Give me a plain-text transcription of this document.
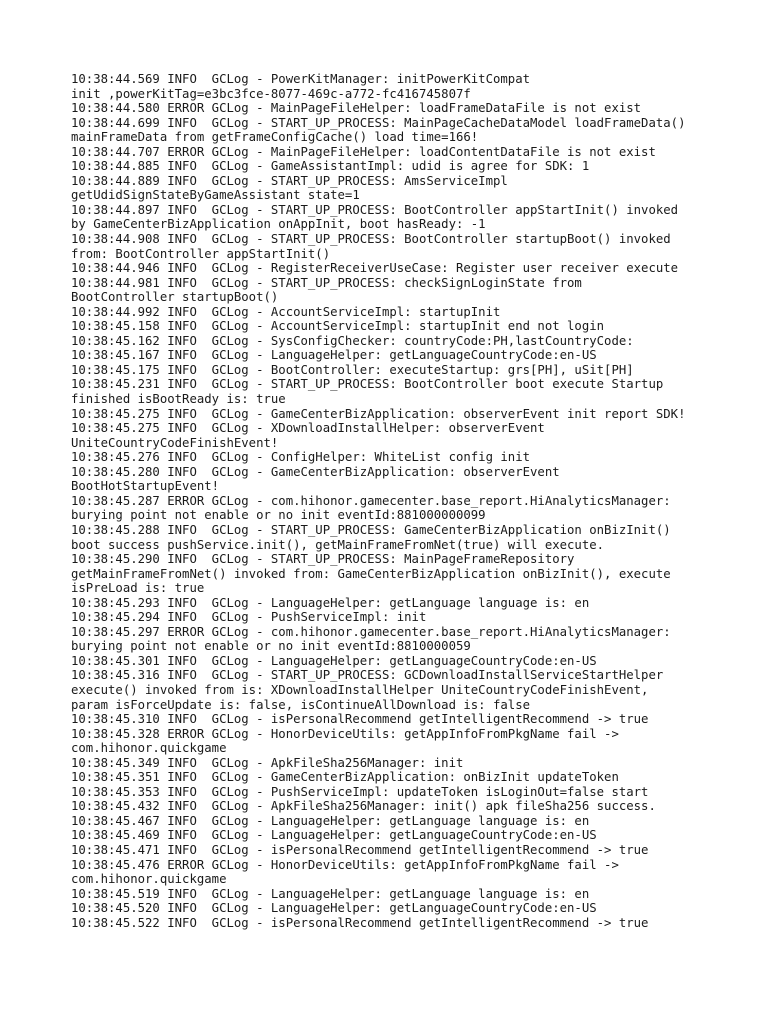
10:38:44.569 INFO  GCLog - PowerKitManager: initPowerKitCompat
init ,powerKitTag=e3bc3fce-8077-469c-a772-fc416745807f
10:38:44.580 ERROR GCLog - MainPageFileHelper: loadFrameDataFile is not exist
10:38:44.699 INFO  GCLog - START_UP_PROCESS: MainPageCacheDataModel loadFrameData()
mainFrameData from getFrameConfigCache() load time=166!
10:38:44.707 ERROR GCLog - MainPageFileHelper: loadContentDataFile is not exist
10:38:44.885 INFO  GCLog - GameAssistantImpl: udid is agree for SDK: 1
10:38:44.889 INFO  GCLog - START_UP_PROCESS: AmsServiceImpl
getUdidSignStateByGameAssistant state=1
10:38:44.897 INFO  GCLog - START_UP_PROCESS: BootController appStartInit() invoked
by GameCenterBizApplication onAppInit, boot hasReady: -1
10:38:44.908 INFO  GCLog - START_UP_PROCESS: BootController startupBoot() invoked
from: BootController appStartInit()
10:38:44.946 INFO  GCLog - RegisterReceiverUseCase: Register user receiver execute
10:38:44.981 INFO  GCLog - START_UP_PROCESS: checkSignLoginState from
BootController startupBoot()
10:38:44.992 INFO  GCLog - AccountServiceImpl: startupInit
10:38:45.158 INFO  GCLog - AccountServiceImpl: startupInit end not login
10:38:45.162 INFO  GCLog - SysConfigChecker: countryCode:PH,lastCountryCode:
10:38:45.167 INFO  GCLog - LanguageHelper: getLanguageCountryCode:en-US
10:38:45.175 INFO  GCLog - BootController: executeStartup: grs[PH], uSit[PH]
10:38:45.231 INFO  GCLog - START_UP_PROCESS: BootController boot execute Startup
finished isBootReady is: true
10:38:45.275 INFO  GCLog - GameCenterBizApplication: observerEvent init report SDK!
10:38:45.275 INFO  GCLog - XDownloadInstallHelper: observerEvent
UniteCountryCodeFinishEvent!
10:38:45.276 INFO  GCLog - ConfigHelper: WhiteList config init
10:38:45.280 INFO  GCLog - GameCenterBizApplication: observerEvent
BootHotStartupEvent!
10:38:45.287 ERROR GCLog - com.hihonor.gamecenter.base_report.HiAnalyticsManager:
burying point not enable or no init eventId:881000000099
10:38:45.288 INFO  GCLog - START_UP_PROCESS: GameCenterBizApplication onBizInit()
boot success pushService.init(), getMainFrameFromNet(true) will execute.
10:38:45.290 INFO  GCLog - START_UP_PROCESS: MainPageFrameRepository
getMainFrameFromNet() invoked from: GameCenterBizApplication onBizInit(), execute
isPreLoad is: true
10:38:45.293 INFO  GCLog - LanguageHelper: getLanguage language is: en
10:38:45.294 INFO  GCLog - PushServiceImpl: init
10:38:45.297 ERROR GCLog - com.hihonor.gamecenter.base_report.HiAnalyticsManager:
burying point not enable or no init eventId:8810000059
10:38:45.301 INFO  GCLog - LanguageHelper: getLanguageCountryCode:en-US
10:38:45.316 INFO  GCLog - START_UP_PROCESS: GCDownloadInstallServiceStartHelper
execute() invoked from is: XDownloadInstallHelper UniteCountryCodeFinishEvent,
param isForceUpdate is: false, isContinueAllDownload is: false
10:38:45.310 INFO  GCLog - isPersonalRecommend getIntelligentRecommend -> true
10:38:45.328 ERROR GCLog - HonorDeviceUtils: getAppInfoFromPkgName fail ->
com.hihonor.quickgame
10:38:45.349 INFO  GCLog - ApkFileSha256Manager: init
10:38:45.351 INFO  GCLog - GameCenterBizApplication: onBizInit updateToken
10:38:45.353 INFO  GCLog - PushServiceImpl: updateToken isLoginOut=false start
10:38:45.432 INFO  GCLog - ApkFileSha256Manager: init() apk fileSha256 success.
10:38:45.467 INFO  GCLog - LanguageHelper: getLanguage language is: en
10:38:45.469 INFO  GCLog - LanguageHelper: getLanguageCountryCode:en-US
10:38:45.471 INFO  GCLog - isPersonalRecommend getIntelligentRecommend -> true
10:38:45.476 ERROR GCLog - HonorDeviceUtils: getAppInfoFromPkgName fail ->
com.hihonor.quickgame
10:38:45.519 INFO  GCLog - LanguageHelper: getLanguage language is: en
10:38:45.520 INFO  GCLog - LanguageHelper: getLanguageCountryCode:en-US
10:38:45.522 INFO  GCLog - isPersonalRecommend getIntelligentRecommend -> true
